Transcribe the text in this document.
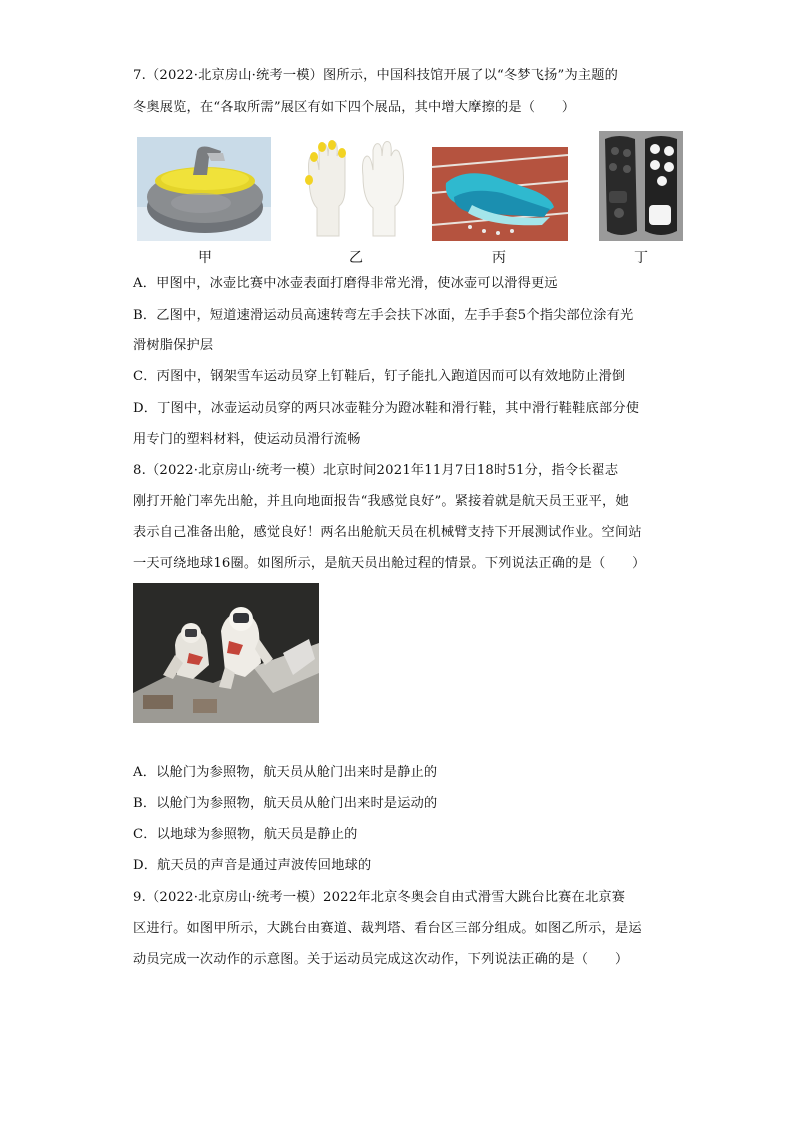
7.（2022·北京房山·统考一模）图所示，中国科技馆开展了以“冬梦飞扬”为主题的
冬奥展览，在“各取所需”展区有如下四个展品，其中增大摩擦的是（　　）
甲	乙	丙	丁
A．甲图中，冰壶比赛中冰壶表面打磨得非常光滑，使冰壶可以滑得更远
B．乙图中，短道速滑运动员高速转弯左手会扶下冰面，左手手套5个指尖部位涂有光
滑树脂保护层
C．丙图中，钢架雪车运动员穿上钉鞋后，钉子能扎入跑道因而可以有效地防止滑倒
D．丁图中，冰壶运动员穿的两只冰壶鞋分为蹬冰鞋和滑行鞋，其中滑行鞋鞋底部分使
用专门的塑料材料，使运动员滑行流畅
8.（2022·北京房山·统考一模）北京时间2021年11月7日18时51分，指令长翟志
刚打开舱门率先出舱，并且向地面报告“我感觉良好”。紧接着就是航天员王亚平，她
表示自己准备出舱，感觉良好！两名出舱航天员在机械臂支持下开展测试作业。空间站
一天可绕地球16圈。如图所示，是航天员出舱过程的情景。下列说法正确的是（　　）
A．以舱门为参照物，航天员从舱门出来时是静止的
B．以舱门为参照物，航天员从舱门出来时是运动的
C．以地球为参照物，航天员是静止的
D．航天员的声音是通过声波传回地球的
9.（2022·北京房山·统考一模）2022年北京冬奥会自由式滑雪大跳台比赛在北京赛
区进行。如图甲所示，大跳台由赛道、裁判塔、看台区三部分组成。如图乙所示，是运
动员完成一次动作的示意图。关于运动员完成这次动作，下列说法正确的是（　　）
